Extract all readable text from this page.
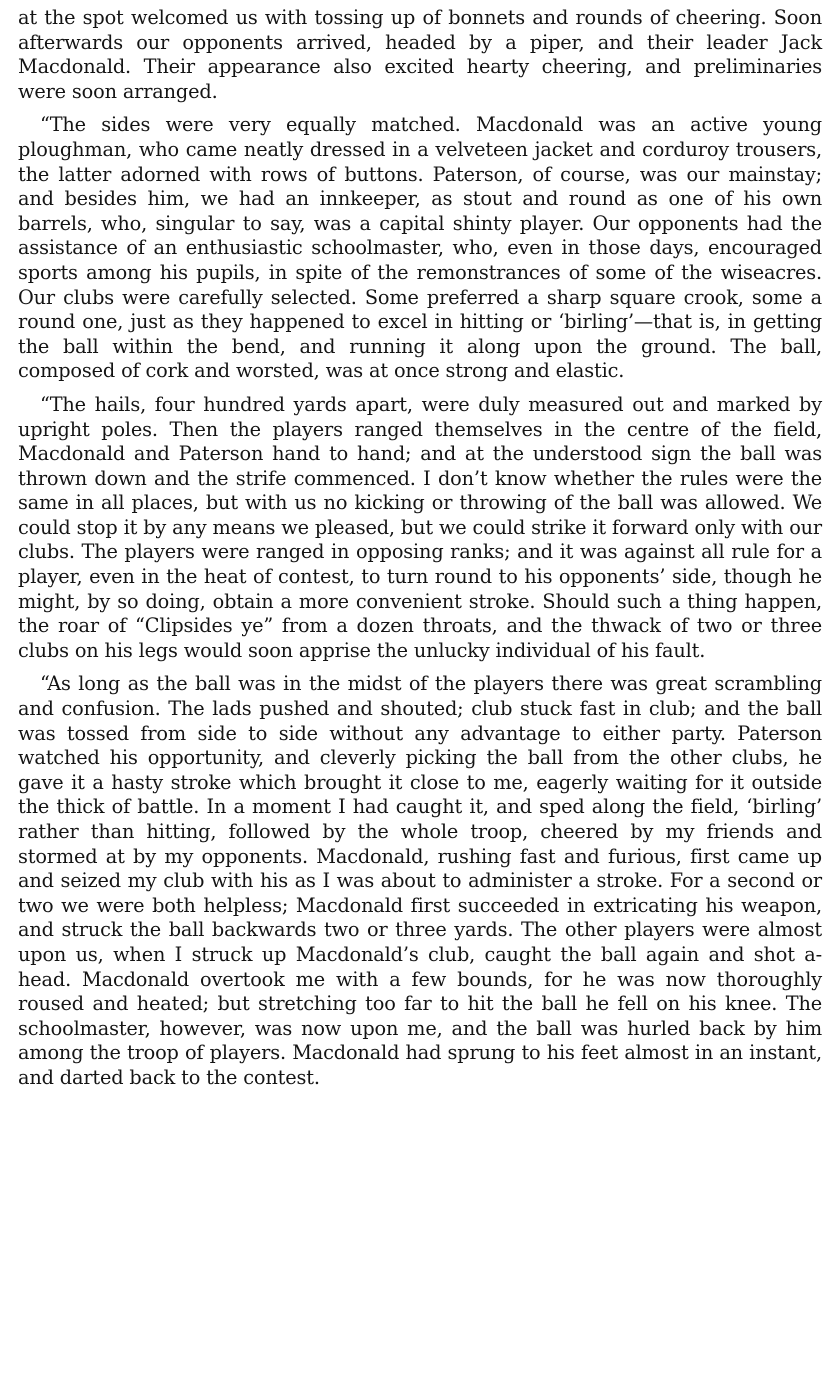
at the spot welcomed us with tossing up of bonnets and rounds of cheering. Soon afterwards our opponents arrived, headed by a piper, and their leader Jack Macdonald. Their appearance also excited hearty cheering, and preliminaries were soon arranged.

“The sides were very equally matched. Macdonald was an active young ploughman, who came neatly dressed in a velveteen jacket and corduroy trousers, the latter adorned with rows of buttons. Paterson, of course, was our mainstay; and besides him, we had an innkeeper, as stout and round as one of his own barrels, who, singular to say, was a capital shinty player. Our opponents had the assistance of an enthusiastic schoolmaster, who, even in those days, encouraged sports among his pupils, in spite of the remonstrances of some of the wiseacres. Our clubs were carefully selected. Some preferred a sharp square crook, some a round one, just as they happened to excel in hitting or ‘birling’—that is, in getting the ball within the bend, and running it along upon the ground. The ball, composed of cork and worsted, was at once strong and elastic.

“The hails, four hundred yards apart, were duly measured out and marked by upright poles. Then the players ranged themselves in the centre of the field, Macdonald and Paterson hand to hand; and at the understood sign the ball was thrown down and the strife commenced. I don’t know whether the rules were the same in all places, but with us no kicking or throwing of the ball was allowed. We could stop it by any means we pleased, but we could strike it forward only with our clubs. The players were ranged in opposing ranks; and it was against all rule for a player, even in the heat of contest, to turn round to his opponents’ side, though he might, by so doing, obtain a more convenient stroke. Should such a thing happen, the roar of “Clipsides ye” from a dozen throats, and the thwack of two or three clubs on his legs would soon apprise the unlucky individual of his fault.

“As long as the ball was in the midst of the players there was great scrambling and confusion. The lads pushed and shouted; club stuck fast in club; and the ball was tossed from side to side without any advantage to either party. Paterson watched his opportunity, and cleverly picking the ball from the other clubs, he gave it a hasty stroke which brought it close to me, eagerly waiting for it outside the thick of battle. In a moment I had caught it, and sped along the field, ‘birling’ rather than hitting, followed by the whole troop, cheered by my friends and stormed at by my opponents. Macdonald, rushing fast and furious, first came up and seized my club with his as I was about to administer a stroke. For a second or two we were both helpless; Macdonald first succeeded in extricating his weapon, and struck the ball backwards two or three yards. The other players were almost upon us, when I struck up Macdonald’s club, caught the ball again and shot a-head. Macdonald overtook me with a few bounds, for he was now thoroughly roused and heated; but stretching too far to hit the ball he fell on his knee. The schoolmaster, however, was now upon me, and the ball was hurled back by him among the troop of players. Macdonald had sprung to his feet almost in an instant, and darted back to the contest.
